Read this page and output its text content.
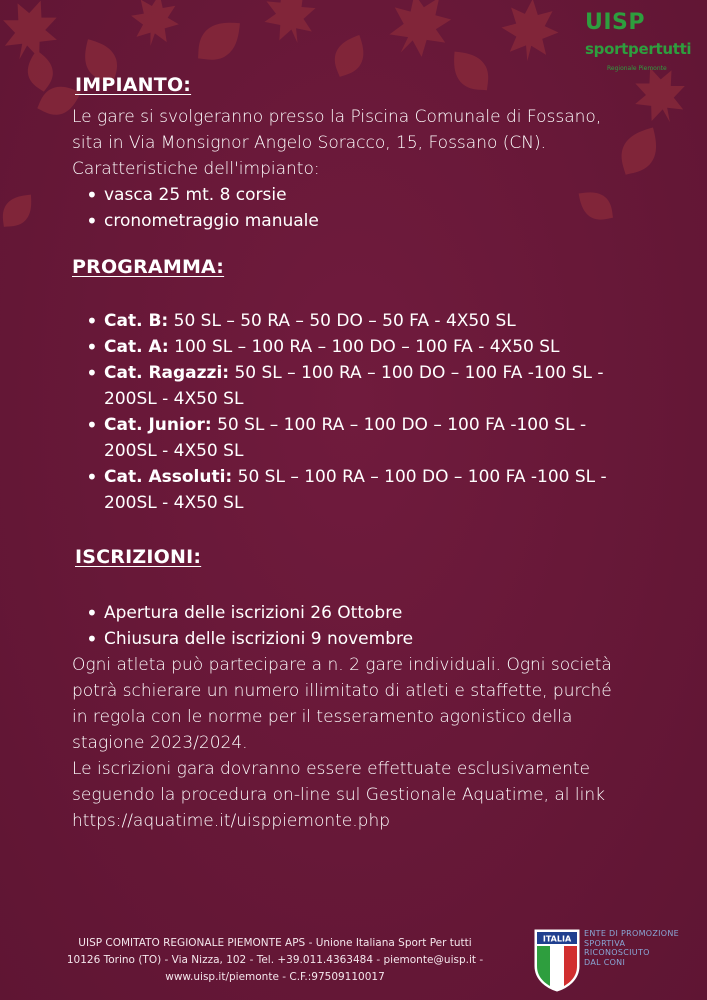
UISP
sportpertutti
Regionale Piemonte

IMPIANTO:

Le gare si svolgeranno presso la Piscina Comunale di Fossano,

sita in Via Monsignor Angelo Soracco, 15, Fossano (CN).

Caratteristiche dell'impianto:

• vasca 25 mt. 8 corsie
• cronometraggio manuale

PROGRAMMA:

• Cat. B: 50 SL – 50 RA – 50 DO – 50 FA - 4X50 SL
• Cat. A: 100 SL – 100 RA – 100 DO – 100 FA - 4X50 SL
• Cat. Ragazzi: 50 SL – 100 RA – 100 DO – 100 FA -100 SL -
200SL - 4X50 SL
• Cat. Junior: 50 SL – 100 RA – 100 DO – 100 FA -100 SL -
200SL - 4X50 SL
• Cat. Assoluti: 50 SL – 100 RA – 100 DO – 100 FA -100 SL -
200SL - 4X50 SL

ISCRIZIONI:

• Apertura delle iscrizioni 26 Ottobre
• Chiusura delle iscrizioni 9 novembre

Ogni atleta può partecipare a n. 2 gare individuali. Ogni società

potrà schierare un numero illimitato di atleti e staffette, purché

in regola con le norme per il tesseramento agonistico della

stagione 2023/2024.

Le iscrizioni gara dovranno essere effettuate esclusivamente

seguendo la procedura on-line sul Gestionale Aquatime, al link

https://aquatime.it/uisppiemonte.php

UISP COMITATO REGIONALE PIEMONTE APS - Unione Italiana Sport Per tutti
10126 Torino (TO) - Via Nizza, 102 - Tel. +39.011.4363484 - piemonte@uisp.it -
www.uisp.it/piemonte - C.F.:97509110017
ITALIA
ENTE DI PROMOZIONE
SPORTIVA
RICONOSCIUTO
DAL CONI
